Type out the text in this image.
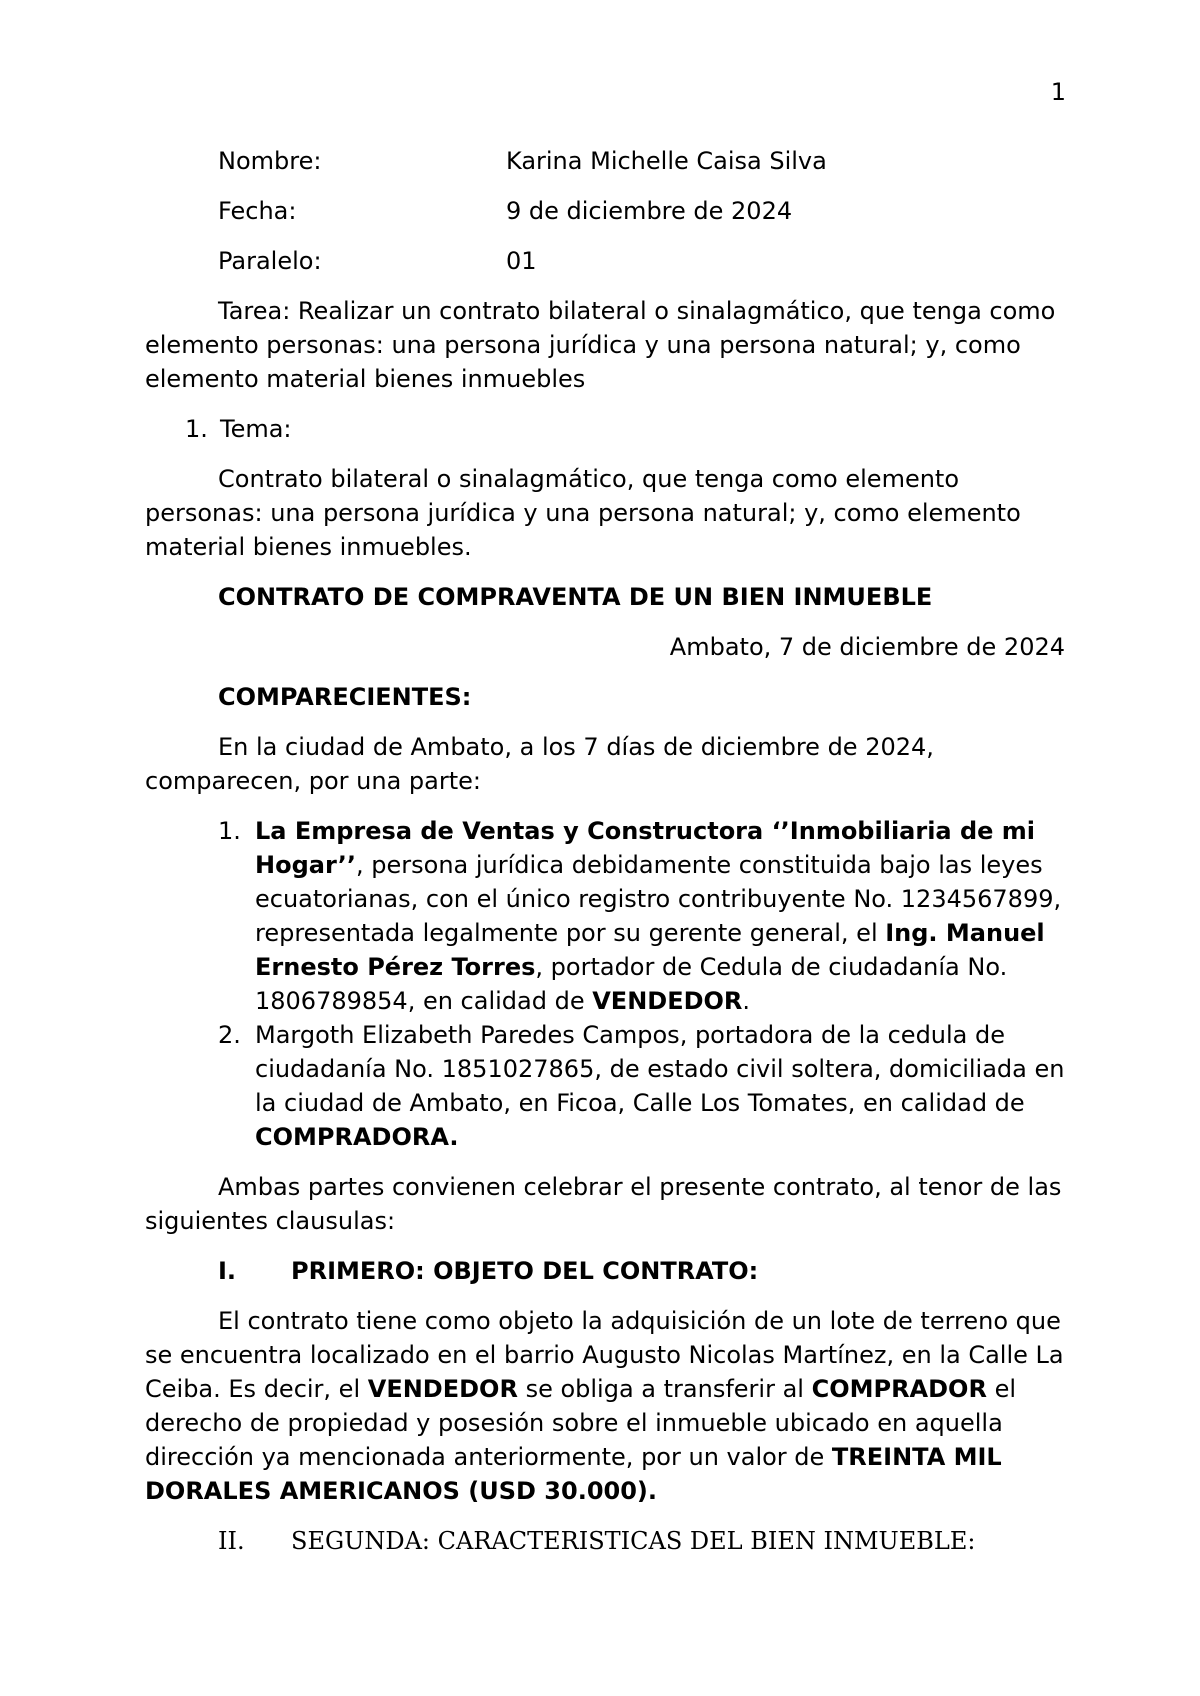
1
Nombre:	Karina Michelle Caisa Silva
Fecha:	9 de diciembre de 2024
Paralelo:	01

Tarea: Realizar un contrato bilateral o sinalagmático, que tenga como elemento personas: una persona jurídica y una persona natural; y, como elemento material bienes inmuebles

1. Tema:

Contrato bilateral o sinalagmático, que tenga como elemento personas: una persona jurídica y una persona natural; y, como elemento material bienes inmuebles.

CONTRATO DE COMPRAVENTA DE UN BIEN INMUEBLE
Ambato, 7 de diciembre de 2024
COMPARECIENTES:

En la ciudad de Ambato, a los 7 días de diciembre de 2024, comparecen, por una parte:

1. La Empresa de Ventas y Constructora ‘’Inmobiliaria de mi Hogar’’, persona jurídica debidamente constituida bajo las leyes ecuatorianas, con el único registro contribuyente No. 1234567899, representada legalmente por su gerente general, el Ing. Manuel Ernesto Pérez Torres, portador de Cedula de ciudadanía No. 1806789854, en calidad de VENDEDOR.
2. Margoth Elizabeth Paredes Campos, portadora de la cedula de ciudadanía No. 1851027865, de estado civil soltera, domiciliada en la ciudad de Ambato, en Ficoa, Calle Los Tomates, en calidad de COMPRADORA.

Ambas partes convienen celebrar el presente contrato, al tenor de las siguientes clausulas:

I.	PRIMERO: OBJETO DEL CONTRATO:

El contrato tiene como objeto la adquisición de un lote de terreno que se encuentra localizado en el barrio Augusto Nicolas Martínez, en la Calle La Ceiba. Es decir, el VENDEDOR se obliga a transferir al COMPRADOR el derecho de propiedad y posesión sobre el inmueble ubicado en aquella dirección ya mencionada anteriormente, por un valor de TREINTA MIL DORALES AMERICANOS (USD 30.000).

II.	SEGUNDA: CARACTERISTICAS DEL BIEN INMUEBLE:
